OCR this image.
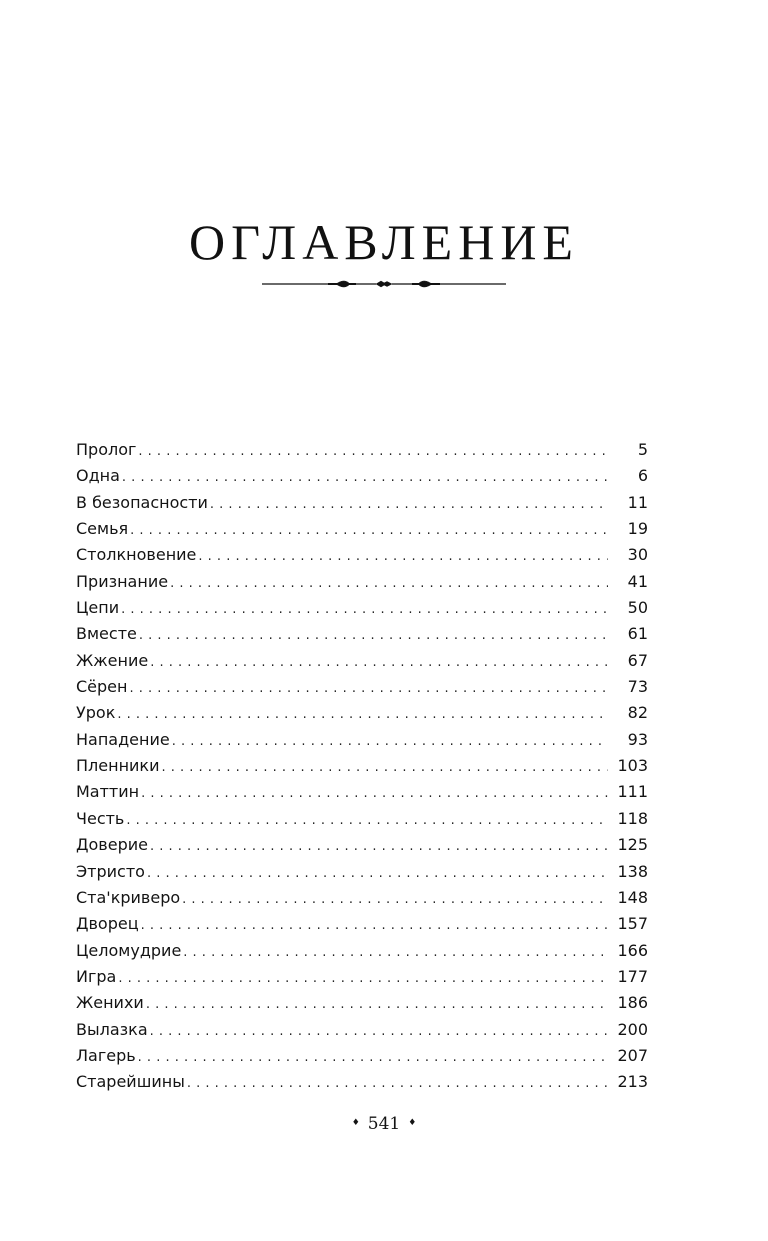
ОГЛАВЛЕНИЕ
Пролог . . .	5
Одна . . .	6
В безопасности . . .	11
Семья . . .	19
Столкновение . . .	30
Признание . . .	41
Цепи . . .	50
Вместе . . .	61
Жжение . . .	67
Сёрен . . .	73
Урок . . .	82
Нападение . . .	93
Пленники . . .	103
Маттин . . .	111
Честь . . .	118
Доверие . . .	125
Этристо . . .	138
Ста'криверо . . .	148
Дворец . . .	157
Целомудрие . . .	166
Игра . . .	177
Женихи . . .	186
Вылазка . . .	200
Лагерь . . .	207
Старейшины . . .	213
♦ 541 ♦
